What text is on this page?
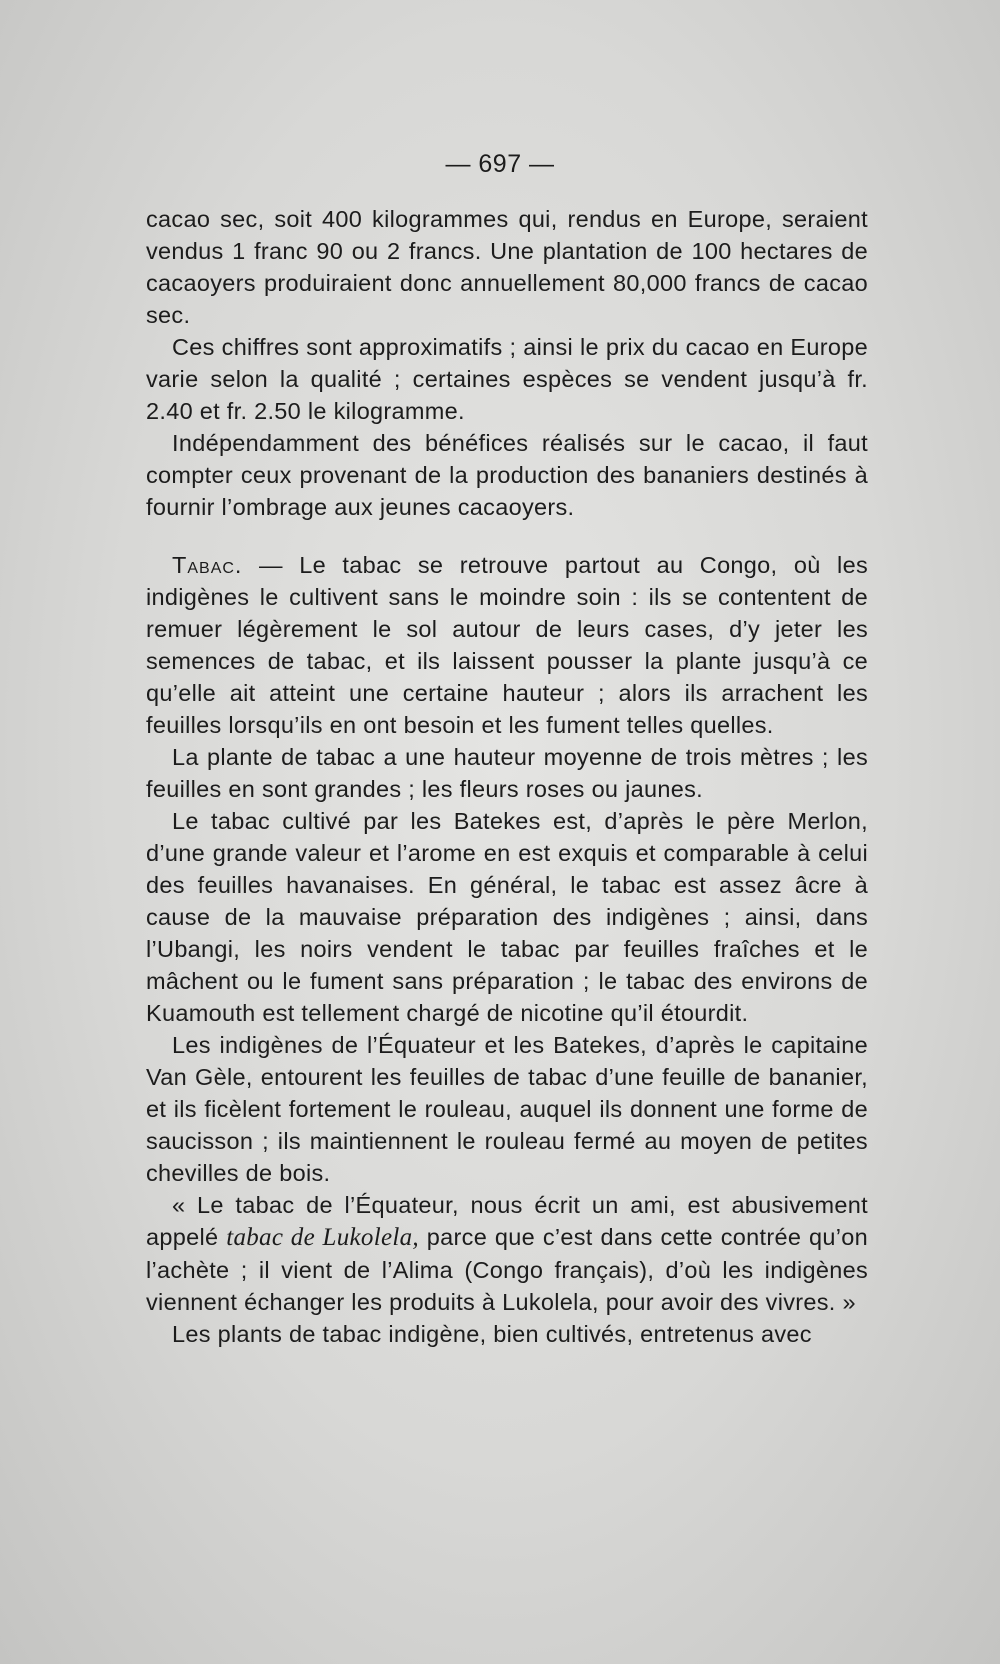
— 697 —

cacao sec, soit 400 kilogrammes qui, rendus en Europe, seraient vendus 1 franc 90 ou 2 francs. Une plantation de 100 hectares de cacaoyers produiraient donc annuellement 80,000 francs de cacao sec.

Ces chiffres sont approximatifs ; ainsi le prix du cacao en Europe varie selon la qualité ; certaines espèces se vendent jusqu’à fr. 2.40 et fr. 2.50 le kilogramme.

Indépendamment des bénéfices réalisés sur le cacao, il faut compter ceux provenant de la production des bananiers destinés à fournir l’ombrage aux jeunes cacaoyers.

Tabac. — Le tabac se retrouve partout au Congo, où les indigènes le cultivent sans le moindre soin : ils se contentent de remuer légèrement le sol autour de leurs cases, d’y jeter les semences de tabac, et ils laissent pousser la plante jusqu’à ce qu’elle ait atteint une certaine hauteur ; alors ils arrachent les feuilles lorsqu’ils en ont besoin et les fument telles quelles.

La plante de tabac a une hauteur moyenne de trois mètres ; les feuilles en sont grandes ; les fleurs roses ou jaunes.

Le tabac cultivé par les Batekes est, d’après le père Merlon, d’une grande valeur et l’arome en est exquis et comparable à celui des feuilles havanaises. En général, le tabac est assez âcre à cause de la mauvaise préparation des indigènes ; ainsi, dans l’Ubangi, les noirs vendent le tabac par feuilles fraîches et le mâchent ou le fument sans préparation ; le tabac des environs de Kuamouth est tellement chargé de nicotine qu’il étourdit.

Les indigènes de l’Équateur et les Batekes, d’après le capitaine Van Gèle, entourent les feuilles de tabac d’une feuille de bananier, et ils ficèlent fortement le rouleau, auquel ils donnent une forme de saucisson ; ils maintiennent le rouleau fermé au moyen de petites chevilles de bois.

« Le tabac de l’Équateur, nous écrit un ami, est abusivement appelé tabac de Lukolela, parce que c’est dans cette contrée qu’on l’achète ; il vient de l’Alima (Congo français), d’où les indigènes viennent échanger les produits à Lukolela, pour avoir des vivres. »

Les plants de tabac indigène, bien cultivés, entretenus avec
